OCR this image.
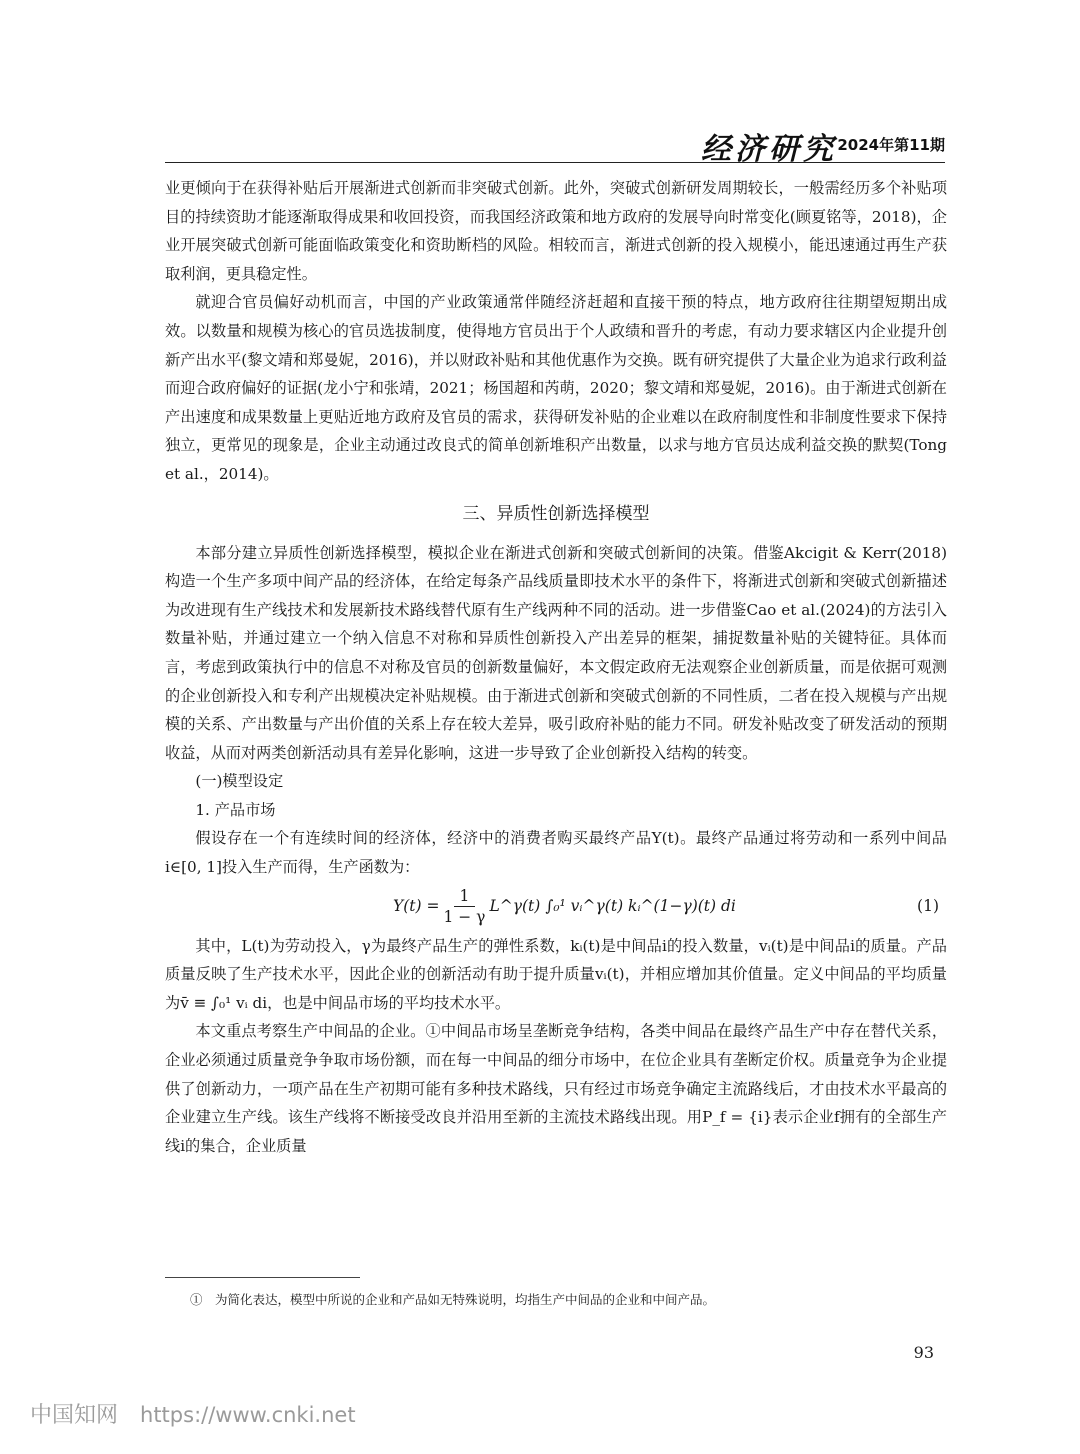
经济研究 2024年第11期

业更倾向于在获得补贴后开展渐进式创新而非突破式创新。此外，突破式创新研发周期较长，一般需经历多个补贴项目的持续资助才能逐渐取得成果和收回投资，而我国经济政策和地方政府的发展导向时常变化(顾夏铭等，2018)，企业开展突破式创新可能面临政策变化和资助断档的风险。相较而言，渐进式创新的投入规模小，能迅速通过再生产获取利润，更具稳定性。

就迎合官员偏好动机而言，中国的产业政策通常伴随经济赶超和直接干预的特点，地方政府往往期望短期出成效。以数量和规模为核心的官员选拔制度，使得地方官员出于个人政绩和晋升的考虑，有动力要求辖区内企业提升创新产出水平(黎文靖和郑曼妮，2016)，并以财政补贴和其他优惠作为交换。既有研究提供了大量企业为追求行政利益而迎合政府偏好的证据(龙小宁和张靖，2021；杨国超和芮萌，2020；黎文靖和郑曼妮，2016)。由于渐进式创新在产出速度和成果数量上更贴近地方政府及官员的需求，获得研发补贴的企业难以在政府制度性和非制度性要求下保持独立，更常见的现象是，企业主动通过改良式的简单创新堆积产出数量，以求与地方官员达成利益交换的默契(Tong et al.，2014)。

三、异质性创新选择模型

本部分建立异质性创新选择模型，模拟企业在渐进式创新和突破式创新间的决策。借鉴Akcigit & Kerr(2018)构造一个生产多项中间产品的经济体，在给定每条产品线质量即技术水平的条件下，将渐进式创新和突破式创新描述为改进现有生产线技术和发展新技术路线替代原有生产线两种不同的活动。进一步借鉴Cao et al.(2024)的方法引入数量补贴，并通过建立一个纳入信息不对称和异质性创新投入产出差异的框架，捕捉数量补贴的关键特征。具体而言，考虑到政策执行中的信息不对称及官员的创新数量偏好，本文假定政府无法观察企业创新质量，而是依据可观测的企业创新投入和专利产出规模决定补贴规模。由于渐进式创新和突破式创新的不同性质，二者在投入规模与产出规模的关系、产出数量与产出价值的关系上存在较大差异，吸引政府补贴的能力不同。研发补贴改变了研发活动的预期收益，从而对两类创新活动具有差异化影响，这进一步导致了企业创新投入结构的转变。

(一)模型设定

1. 产品市场

假设存在一个有连续时间的经济体，经济中的消费者购买最终产品Y(t)。最终产品通过将劳动和一系列中间品i∈[0, 1]投入生产而得，生产函数为：

$Y(t) = \frac{1}{1 - \gamma}$ L^γ(t) ∫₀¹ vᵢ^γ(t) kᵢ^(1−γ)(t) di	(1)

其中，L(t)为劳动投入，γ为最终产品生产的弹性系数，kᵢ(t)是中间品i的投入数量，vᵢ(t)是中间品i的质量。产品质量反映了生产技术水平，因此企业的创新活动有助于提升质量vᵢ(t)，并相应增加其价值量。定义中间品的平均质量为v̄ ≡ ∫₀¹ vᵢ di，也是中间品市场的平均技术水平。

本文重点考察生产中间品的企业。①中间品市场呈垄断竞争结构，各类中间品在最终产品生产中存在替代关系，企业必须通过质量竞争争取市场份额，而在每一中间品的细分市场中，在位企业具有垄断定价权。质量竞争为企业提供了创新动力，一项产品在生产初期可能有多种技术路线，只有经过市场竞争确定主流路线后，才由技术水平最高的企业建立生产线。该生产线将不断接受改良并沿用至新的主流技术路线出现。用P_f = {i}表示企业f拥有的全部生产线i的集合，企业质量

①　为简化表达，模型中所说的企业和产品如无特殊说明，均指生产中间品的企业和中间产品。
93
中国知网 https://www.cnki.net
